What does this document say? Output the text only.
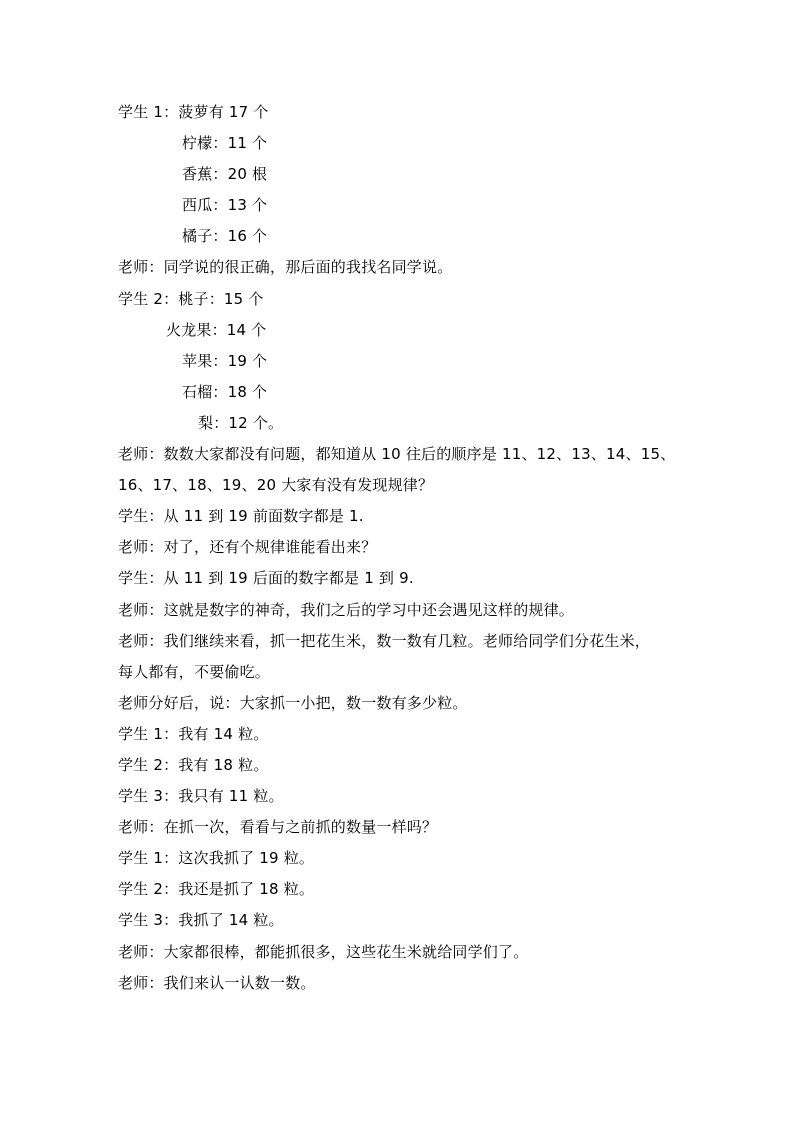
学生 1：菠萝有 17 个
柠檬：11 个
香蕉：20 根
西瓜：13 个
橘子：16 个
老师：同学说的很正确，那后面的我找名同学说。
学生 2：桃子：15 个
火龙果：14 个
苹果：19 个
石榴：18 个
梨：12 个。
老师：数数大家都没有问题，都知道从 10 往后的顺序是 11、12、13、14、15、
16、17、18、19、20 大家有没有发现规律？
学生：从 11 到 19 前面数字都是 1.
老师：对了，还有个规律谁能看出来？
学生：从 11 到 19 后面的数字都是 1 到 9.
老师：这就是数字的神奇，我们之后的学习中还会遇见这样的规律。
老师：我们继续来看，抓一把花生米，数一数有几粒。老师给同学们分花生米，
每人都有，不要偷吃。
老师分好后，说：大家抓一小把，数一数有多少粒。
学生 1：我有 14 粒。
学生 2：我有 18 粒。
学生 3：我只有 11 粒。
老师：在抓一次，看看与之前抓的数量一样吗？
学生 1：这次我抓了 19 粒。
学生 2：我还是抓了 18 粒。
学生 3：我抓了 14 粒。
老师：大家都很棒，都能抓很多，这些花生米就给同学们了。
老师：我们来认一认数一数。
